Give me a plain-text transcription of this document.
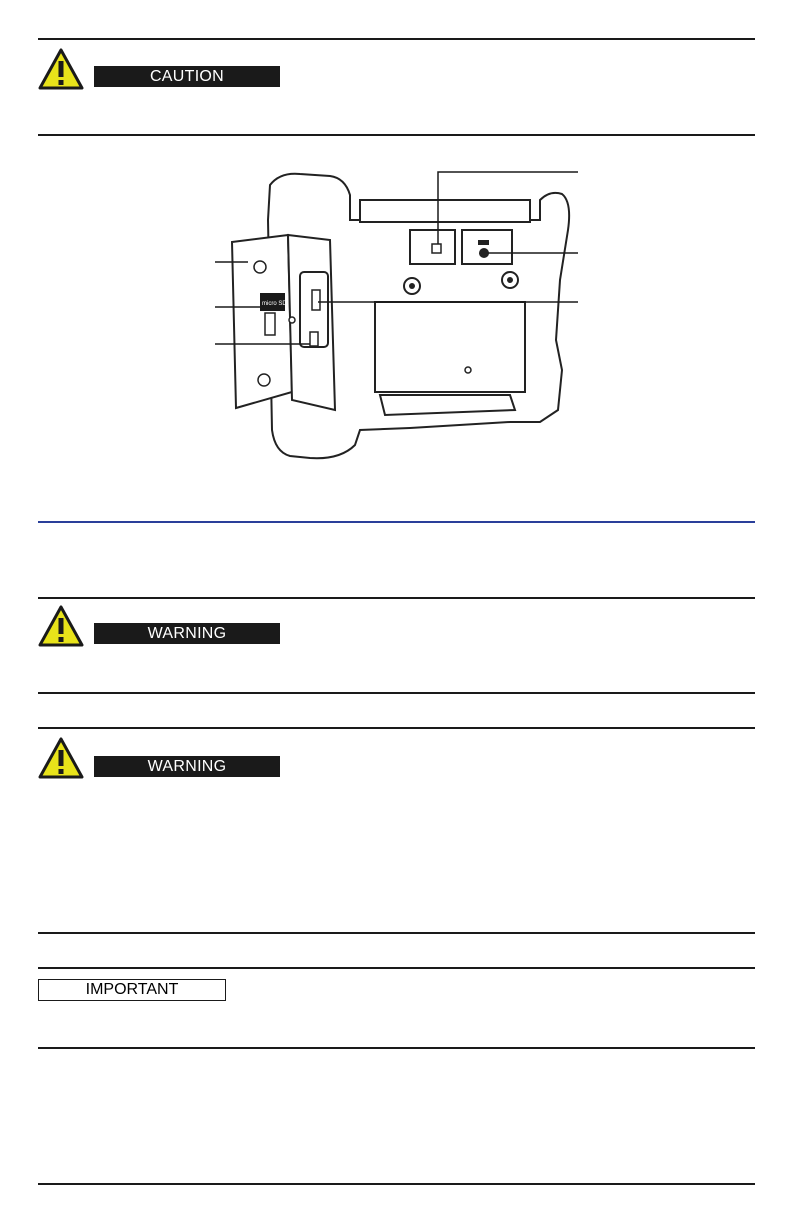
CAUTION
micro SD
WARNING
WARNING
IMPORTANT
